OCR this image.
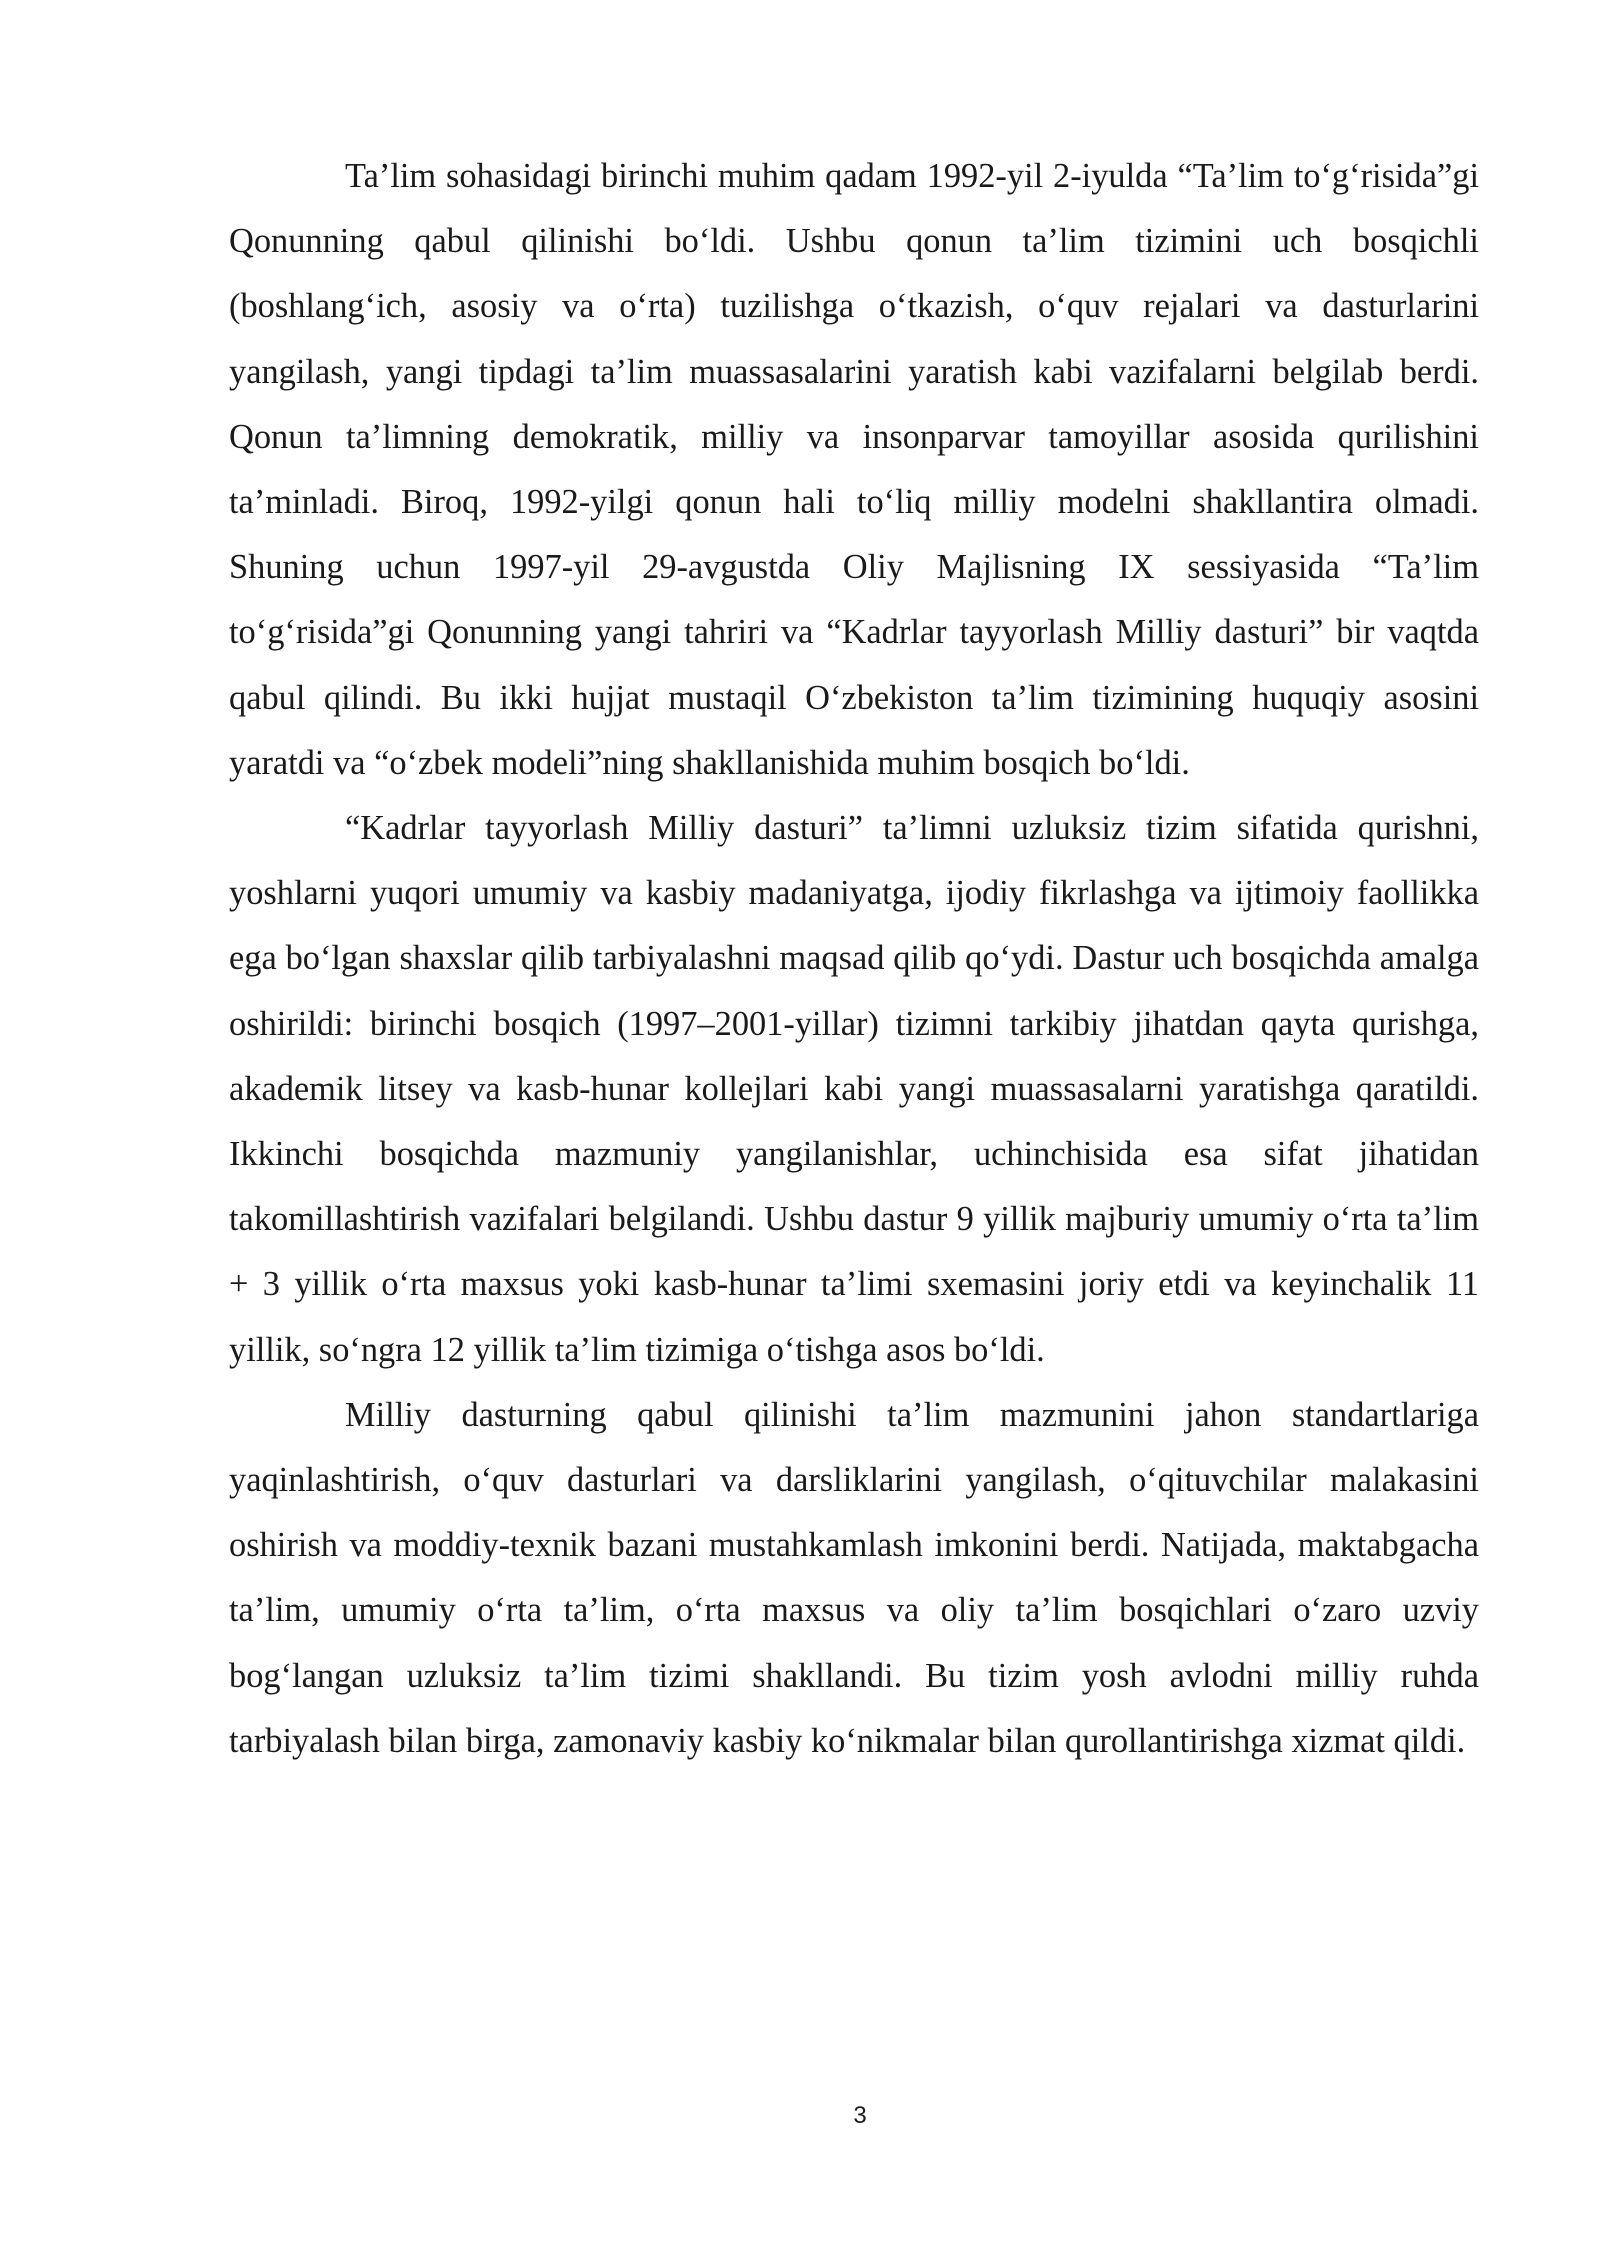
Ta’lim sohasidagi birinchi muhim qadam 1992-yil 2-iyulda “Ta’lim to‘g‘risida”gi Qonunning qabul qilinishi bo‘ldi. Ushbu qonun ta’lim tizimini uch bosqichli (boshlang‘ich, asosiy va o‘rta) tuzilishga o‘tkazish, o‘quv rejalari va dasturlarini yangilash, yangi tipdagi ta’lim muassasalarini yaratish kabi vazifalarni belgilab berdi. Qonun ta’limning demokratik, milliy va insonparvar tamoyillar asosida qurilishini ta’minladi. Biroq, 1992-yilgi qonun hali to‘liq milliy modelni shakllantira olmadi. Shuning uchun 1997-yil 29-avgustda Oliy Majlisning IX sessiyasida “Ta’lim to‘g‘risida”gi Qonunning yangi tahriri va “Kadrlar tayyorlash Milliy dasturi” bir vaqtda qabul qilindi. Bu ikki hujjat mustaqil O‘zbekiston ta’lim tizimining huquqiy asosini yaratdi va “o‘zbek modeli”ning shakllanishida muhim bosqich bo‘ldi.

“Kadrlar tayyorlash Milliy dasturi” ta’limni uzluksiz tizim sifatida qurishni, yoshlarni yuqori umumiy va kasbiy madaniyatga, ijodiy fikrlashga va ijtimoiy faollikka ega bo‘lgan shaxslar qilib tarbiyalashni maqsad qilib qo‘ydi. Dastur uch bosqichda amalga oshirildi: birinchi bosqich (1997–2001-yillar) tizimni tarkibiy jihatdan qayta qurishga, akademik litsey va kasb-hunar kollejlari kabi yangi muassasalarni yaratishga qaratildi. Ikkinchi bosqichda mazmuniy yangilanishlar, uchinchisida esa sifat jihatidan takomillashtirish vazifalari belgilandi. Ushbu dastur 9 yillik majburiy umumiy o‘rta ta’lim + 3 yillik o‘rta maxsus yoki kasb-hunar ta’limi sxemasini joriy etdi va keyinchalik 11 yillik, so‘ngra 12 yillik ta’lim tizimiga o‘tishga asos bo‘ldi.

Milliy dasturning qabul qilinishi ta’lim mazmunini jahon standartlariga yaqinlashtirish, o‘quv dasturlari va darsliklarini yangilash, o‘qituvchilar malakasini oshirish va moddiy-texnik bazani mustahkamlash imkonini berdi. Natijada, maktabgacha ta’lim, umumiy o‘rta ta’lim, o‘rta maxsus va oliy ta’lim bosqichlari o‘zaro uzviy bog‘langan uzluksiz ta’lim tizimi shakllandi. Bu tizim yosh avlodni milliy ruhda tarbiyalash bilan birga, zamonaviy kasbiy ko‘nikmalar bilan qurollantirishga xizmat qildi.

3
